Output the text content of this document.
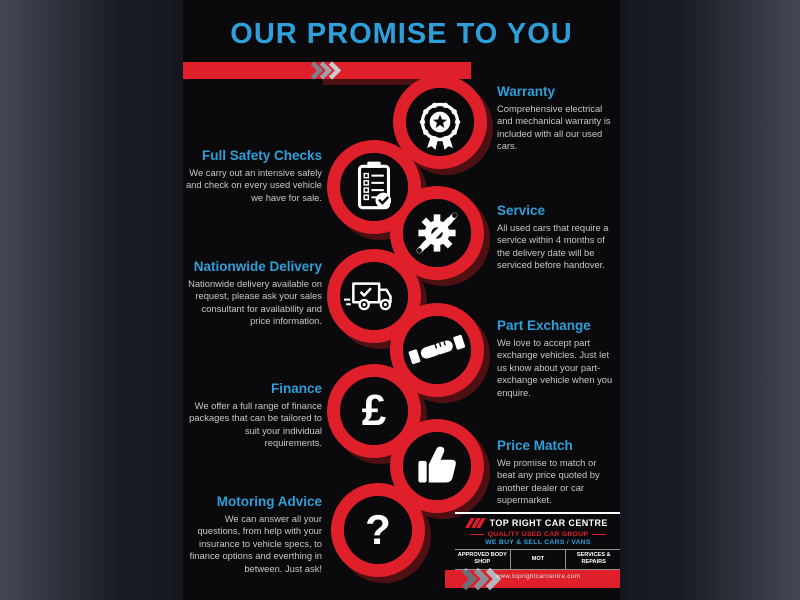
OUR PROMISE TO YOU
£
?
Warranty
Comprehensive electrical and mechanical warranty is included with all our used cars.
Full Safety Checks
We carry out an intensive safely and check on every used vehicle we have for sale.
Service
All used cars that require a service within 4 months of the delivery date will be serviced before handover.
Nationwide Delivery
Nationwide delivery available on request, please ask your sales consultant for availability and price information.	Part Exchange
We love to accept part exchange vehicles. Just let us know about your part-exchange vehicle when you enquire.
Finance
We offer a full range of finance packages that can be tailored to suit your individual requirements.	Price Match
We promise to match or beat any price quoted by another dealer or car supermarket.
Motoring Advice
We can answer all your questions, from help with your insurance to vehicle specs, to finance options and everthing in between. Just ask!
TOP RIGHT CAR CENTRE
QUALITY USED CAR GROUP
WE BUY & SELL CARS / VANS
APPROVED BODY SHOP
MOT
SERVICES & REPAIRS
www.toprightcarcentre.com
